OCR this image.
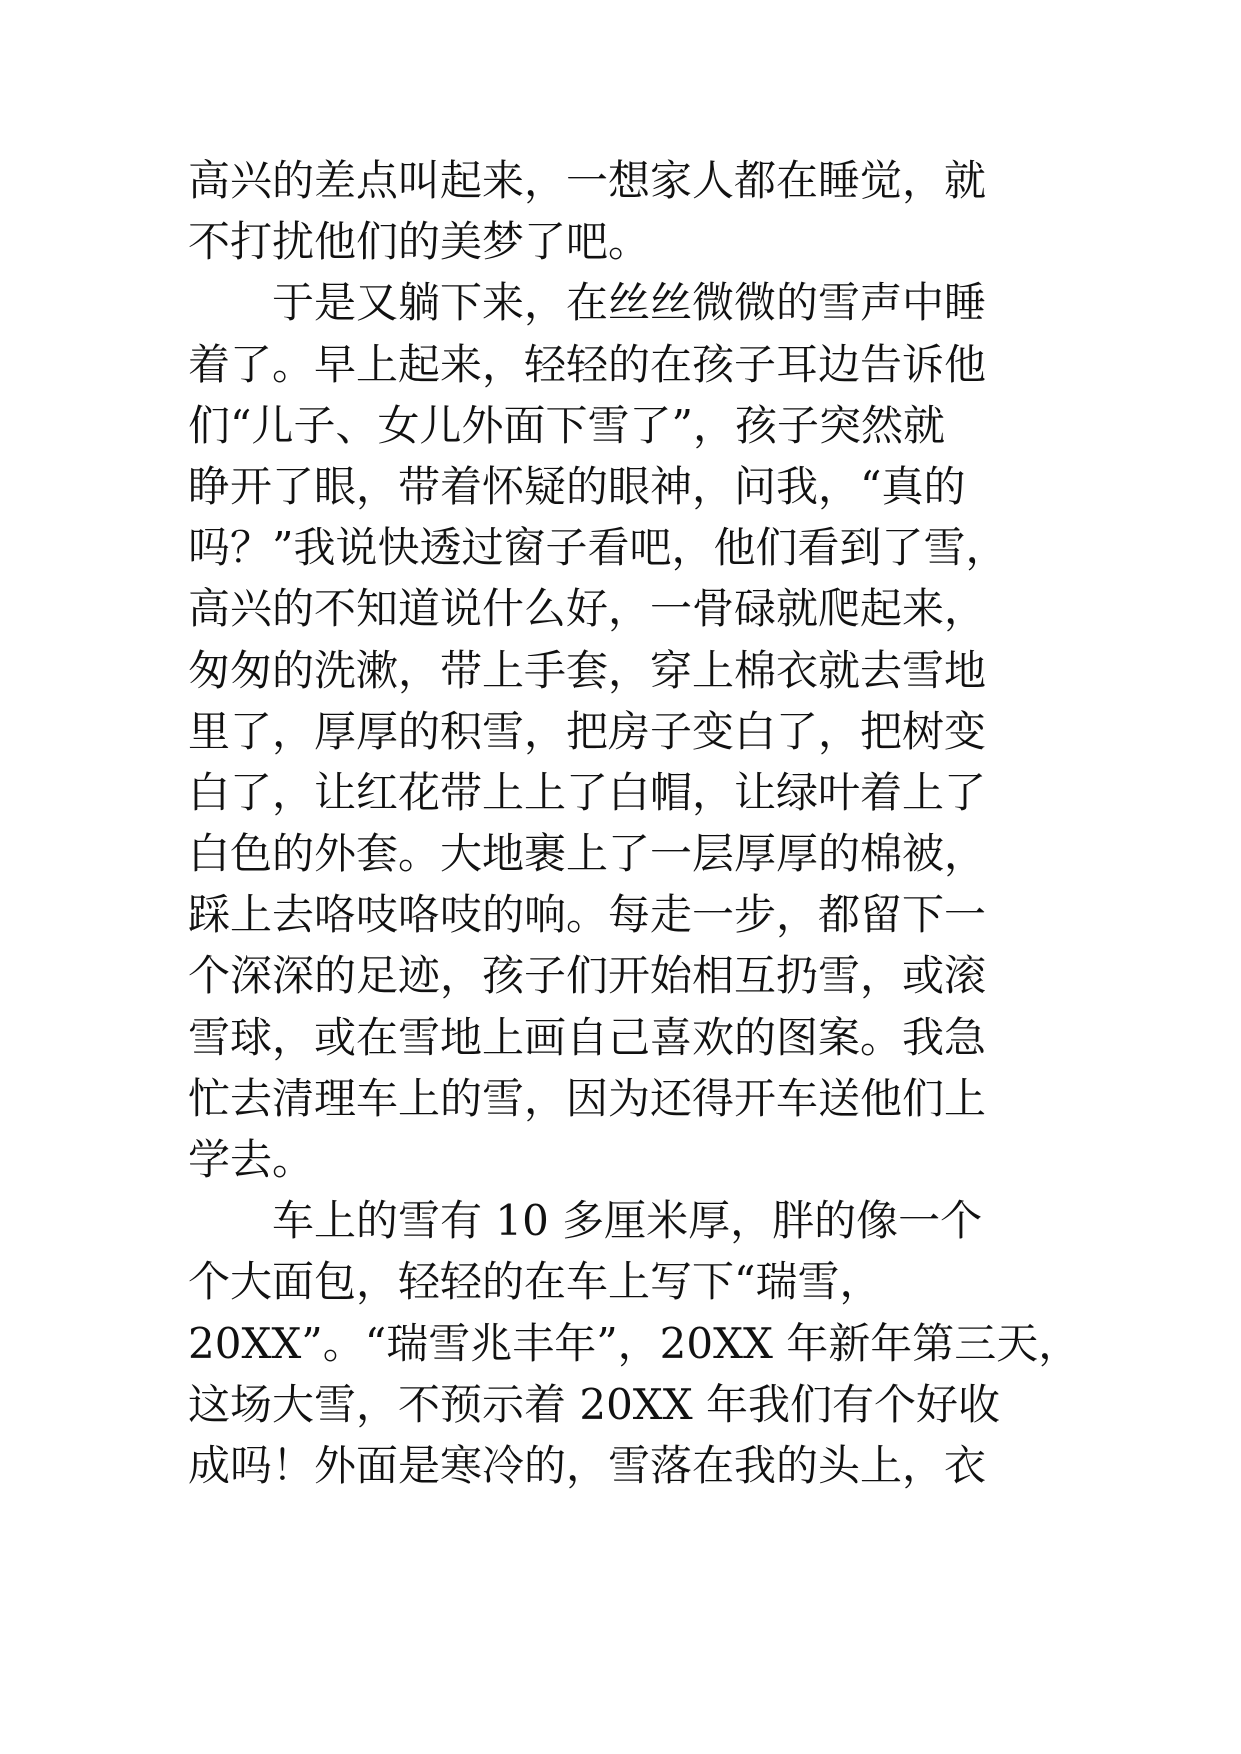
高兴的差点叫起来，一想家人都在睡觉，就
不打扰他们的美梦了吧。
　　于是又躺下来，在丝丝微微的雪声中睡
着了。早上起来，轻轻的在孩子耳边告诉他
们“儿子、女儿外面下雪了”，孩子突然就
睁开了眼，带着怀疑的眼神，问我，“真的
吗？”我说快透过窗子看吧，他们看到了雪，
高兴的不知道说什么好，一骨碌就爬起来，
匆匆的洗漱，带上手套，穿上棉衣就去雪地
里了，厚厚的积雪，把房子变白了，把树变
白了，让红花带上上了白帽，让绿叶着上了
白色的外套。大地裹上了一层厚厚的棉被，
踩上去咯吱咯吱的响。每走一步，都留下一
个深深的足迹，孩子们开始相互扔雪，或滚
雪球，或在雪地上画自己喜欢的图案。我急
忙去清理车上的雪，因为还得开车送他们上
学去。
　　车上的雪有 10 多厘米厚，胖的像一个
个大面包，轻轻的在车上写下“瑞雪，
20XX”。“瑞雪兆丰年”，20XX 年新年第三天，
这场大雪，不预示着 20XX 年我们有个好收
成吗！外面是寒冷的，雪落在我的头上，衣
